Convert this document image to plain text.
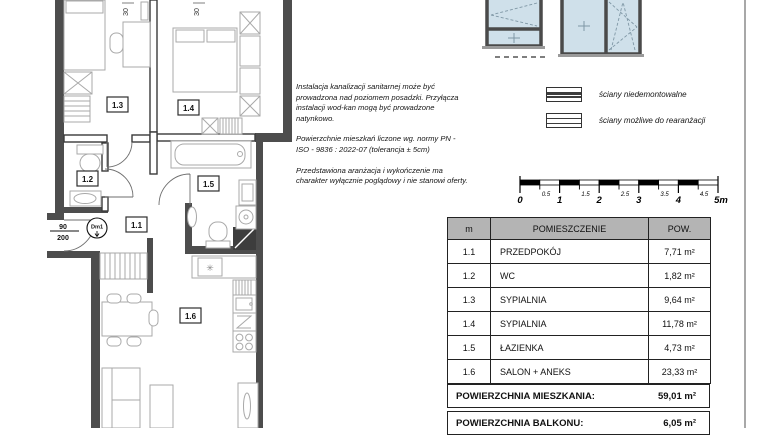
✳
1.1
1.2
1.3	1.4
1.5
1.6
90
200
Dm1
30	30

Instalacja kanalizacji sanitarnej może być prowadzona nad poziomem posadzki. Przyłącza instalacji wod-kan mogą być prowadzone natynkowo.

Powierzchnie mieszkań liczone wg. normy PN - ISO - 9836 : 2022-07 (tolerancja ± 5cm)

Przedstawiona aranżacja i wykończenie ma charakter wyłącznie poglądowy i nie stanowi oferty.

ściany niedemontowalne
ściany możliwe do rearanżacji
0	1	2	3	4	5m
0.5	1.5	2.5	3.5	4.5
m	POMIESZCZENIE	POW.
1.1	PRZEDPOKÓJ	7,71 m²
1.2	WC	1,82 m²
1.3	SYPIALNIA	9,64 m²
1.4	SYPIALNIA	11,78 m²
1.5	ŁAZIENKA	4,73 m²
1.6	SALON + ANEKS	23,33 m²
POWIERZCHNIA MIESZKANIA:	59,01 m²
POWIERZCHNIA BALKONU:	6,05 m²
